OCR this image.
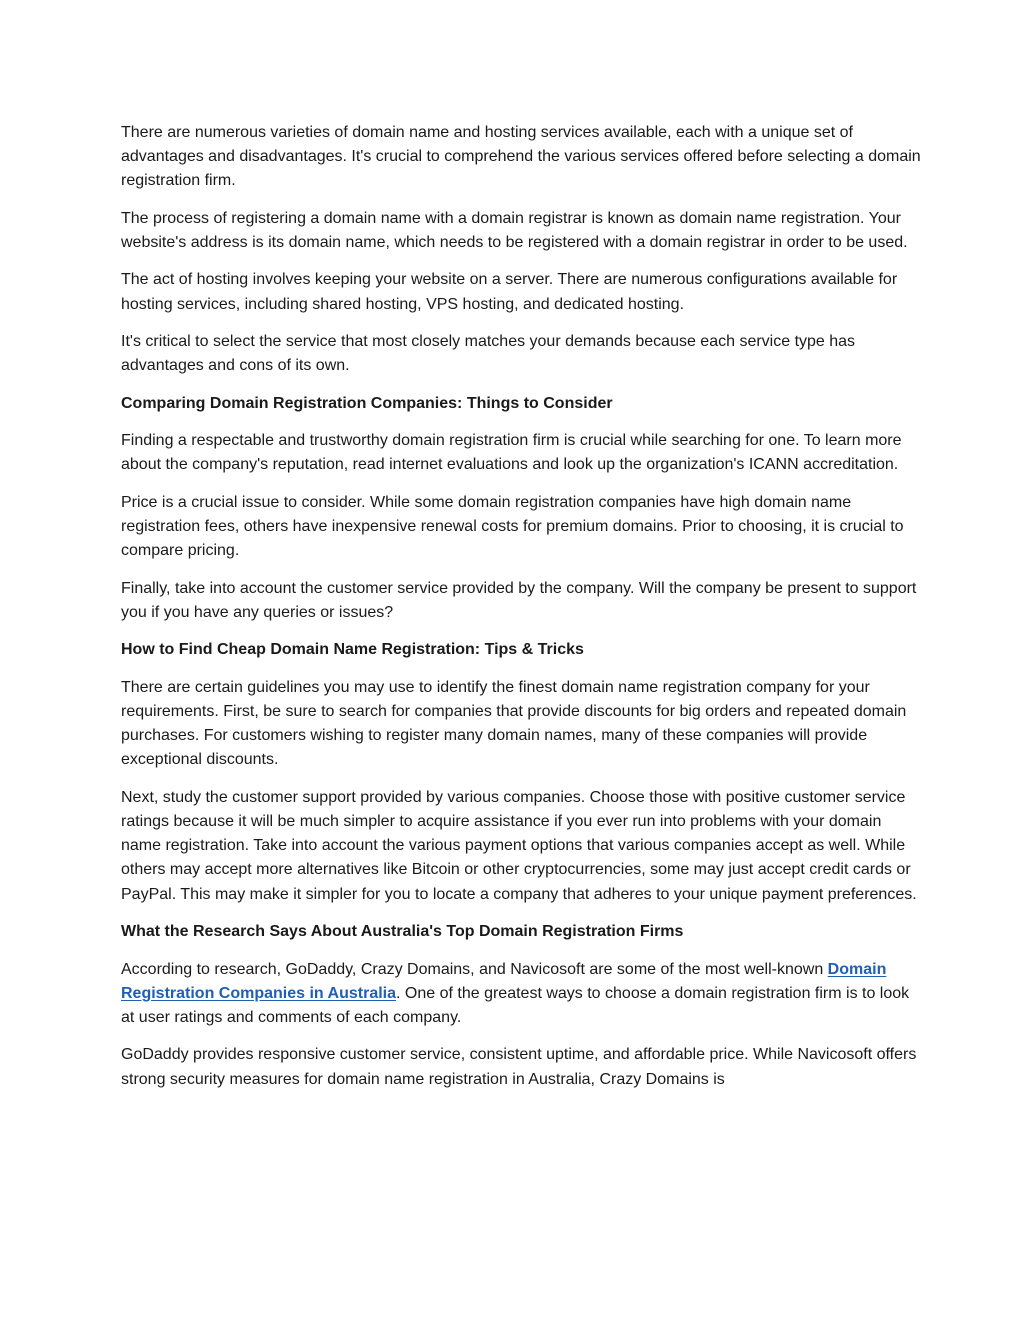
There are numerous varieties of domain name and hosting services available, each with a unique set of advantages and disadvantages. It's crucial to comprehend the various services offered before selecting a domain registration firm.

The process of registering a domain name with a domain registrar is known as domain name registration. Your website's address is its domain name, which needs to be registered with a domain registrar in order to be used.

The act of hosting involves keeping your website on a server. There are numerous configurations available for hosting services, including shared hosting, VPS hosting, and dedicated hosting.

It's critical to select the service that most closely matches your demands because each service type has advantages and cons of its own.

Comparing Domain Registration Companies: Things to Consider

Finding a respectable and trustworthy domain registration firm is crucial while searching for one. To learn more about the company's reputation, read internet evaluations and look up the organization's ICANN accreditation.

Price is a crucial issue to consider. While some domain registration companies have high domain name registration fees, others have inexpensive renewal costs for premium domains. Prior to choosing, it is crucial to compare pricing.

Finally, take into account the customer service provided by the company. Will the company be present to support you if you have any queries or issues?

How to Find Cheap Domain Name Registration: Tips & Tricks

There are certain guidelines you may use to identify the finest domain name registration company for your requirements. First, be sure to search for companies that provide discounts for big orders and repeated domain purchases. For customers wishing to register many domain names, many of these companies will provide exceptional discounts.

Next, study the customer support provided by various companies. Choose those with positive customer service ratings because it will be much simpler to acquire assistance if you ever run into problems with your domain name registration. Take into account the various payment options that various companies accept as well. While others may accept more alternatives like Bitcoin or other cryptocurrencies, some may just accept credit cards or PayPal. This may make it simpler for you to locate a company that adheres to your unique payment preferences.

What the Research Says About Australia's Top Domain Registration Firms

According to research, GoDaddy, Crazy Domains, and Navicosoft are some of the most well-known Domain Registration Companies in Australia. One of the greatest ways to choose a domain registration firm is to look at user ratings and comments of each company.

GoDaddy provides responsive customer service, consistent uptime, and affordable price. While Navicosoft offers strong security measures for domain name registration in Australia, Crazy Domains is
